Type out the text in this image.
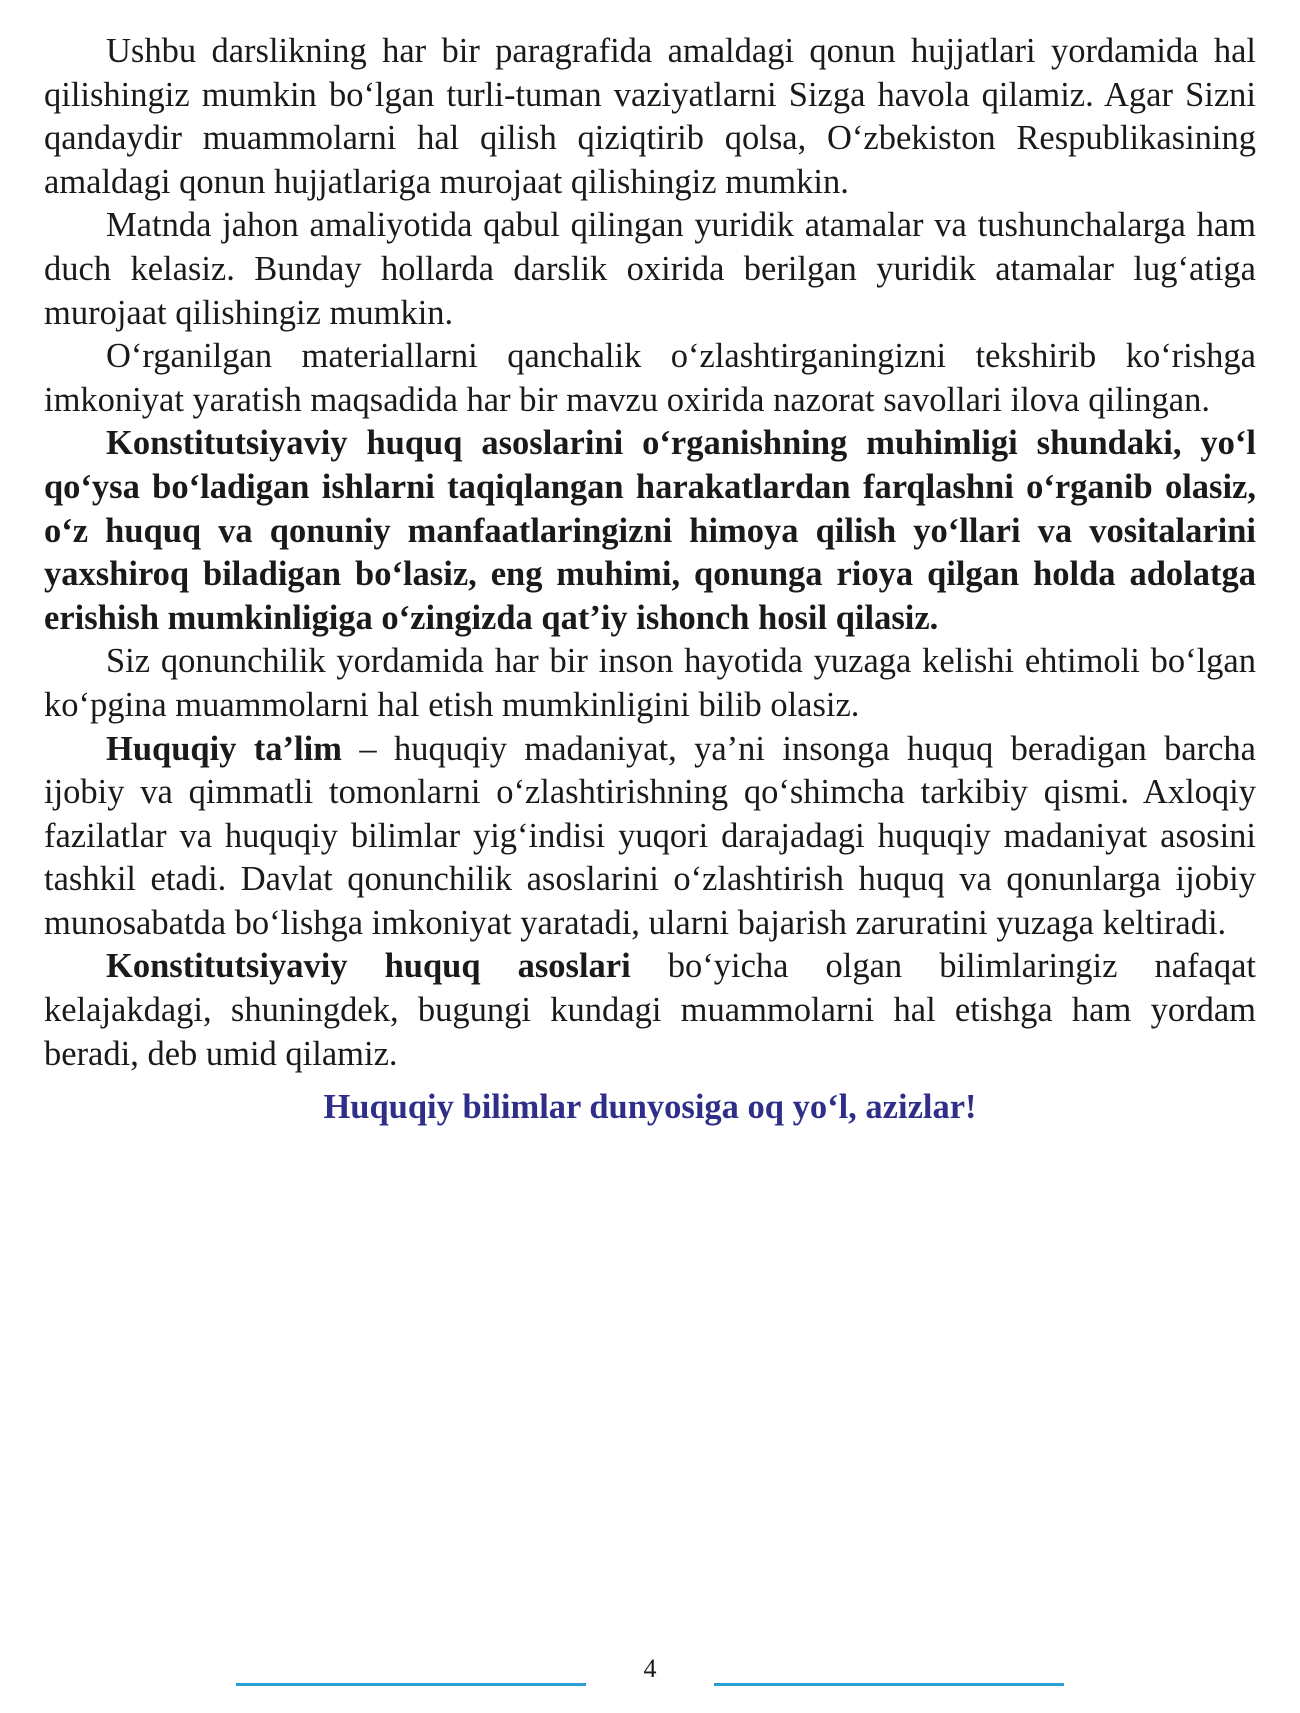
Ushbu darslikning har bir paragrafida amaldagi qonun hujjatlari yordamida hal qilishingiz mumkin bo‘lgan turli-tuman vaziyatlarni Sizga havola qilamiz. Agar Sizni qandaydir muammolarni hal qilish qiziqtirib qolsa, O‘zbekiston Respublikasining amaldagi qonun hujjatlariga murojaat qilishingiz mumkin.

Matnda jahon amaliyotida qabul qilingan yuridik atamalar va tushunchalarga ham duch kelasiz. Bunday hollarda darslik oxirida berilgan yuridik atamalar lug‘atiga murojaat qilishingiz mumkin.

O‘rganilgan materiallarni qanchalik o‘zlashtirganingizni tekshirib ko‘rishga imkoniyat yaratish maqsadida har bir mavzu oxirida nazorat savollari ilova qilingan.

Konstitutsiyaviy huquq asoslarini o‘rganishning muhimligi shundaki, yo‘l qo‘ysa bo‘ladigan ishlarni taqiqlangan harakatlardan farqlashni o‘rganib olasiz, o‘z huquq va qonuniy manfaatlaringizni himoya qilish yo‘llari va vositalarini yaxshiroq biladigan bo‘lasiz, eng muhimi, qonunga rioya qilgan holda adolatga erishish mumkinligiga o‘zingizda qat’iy ishonch hosil qilasiz.

Siz qonunchilik yordamida har bir inson hayotida yuzaga kelishi ehtimoli bo‘lgan ko‘pgina muammolarni hal etish mumkinligini bilib olasiz.

Huquqiy ta’lim – huquqiy madaniyat, ya’ni insonga huquq beradigan barcha ijobiy va qimmatli tomonlarni o‘zlashtirishning qo‘shimcha tarkibiy qismi. Axloqiy fazilatlar va huquqiy bilimlar yig‘indisi yuqori darajadagi huquqiy madaniyat asosini tashkil etadi. Davlat qonunchilik asoslarini o‘zlashtirish huquq va qonunlarga ijobiy munosabatda bo‘lishga imkoniyat yaratadi, ularni bajarish zaruratini yuzaga keltiradi.

Konstitutsiyaviy huquq asoslari bo‘yicha olgan bilimlaringiz nafaqat kelajakdagi, shuningdek, bugungi kundagi muammolarni hal etishga ham yordam beradi, deb umid qilamiz.

Huquqiy bilimlar dunyosiga oq yo‘l, azizlar!

4
